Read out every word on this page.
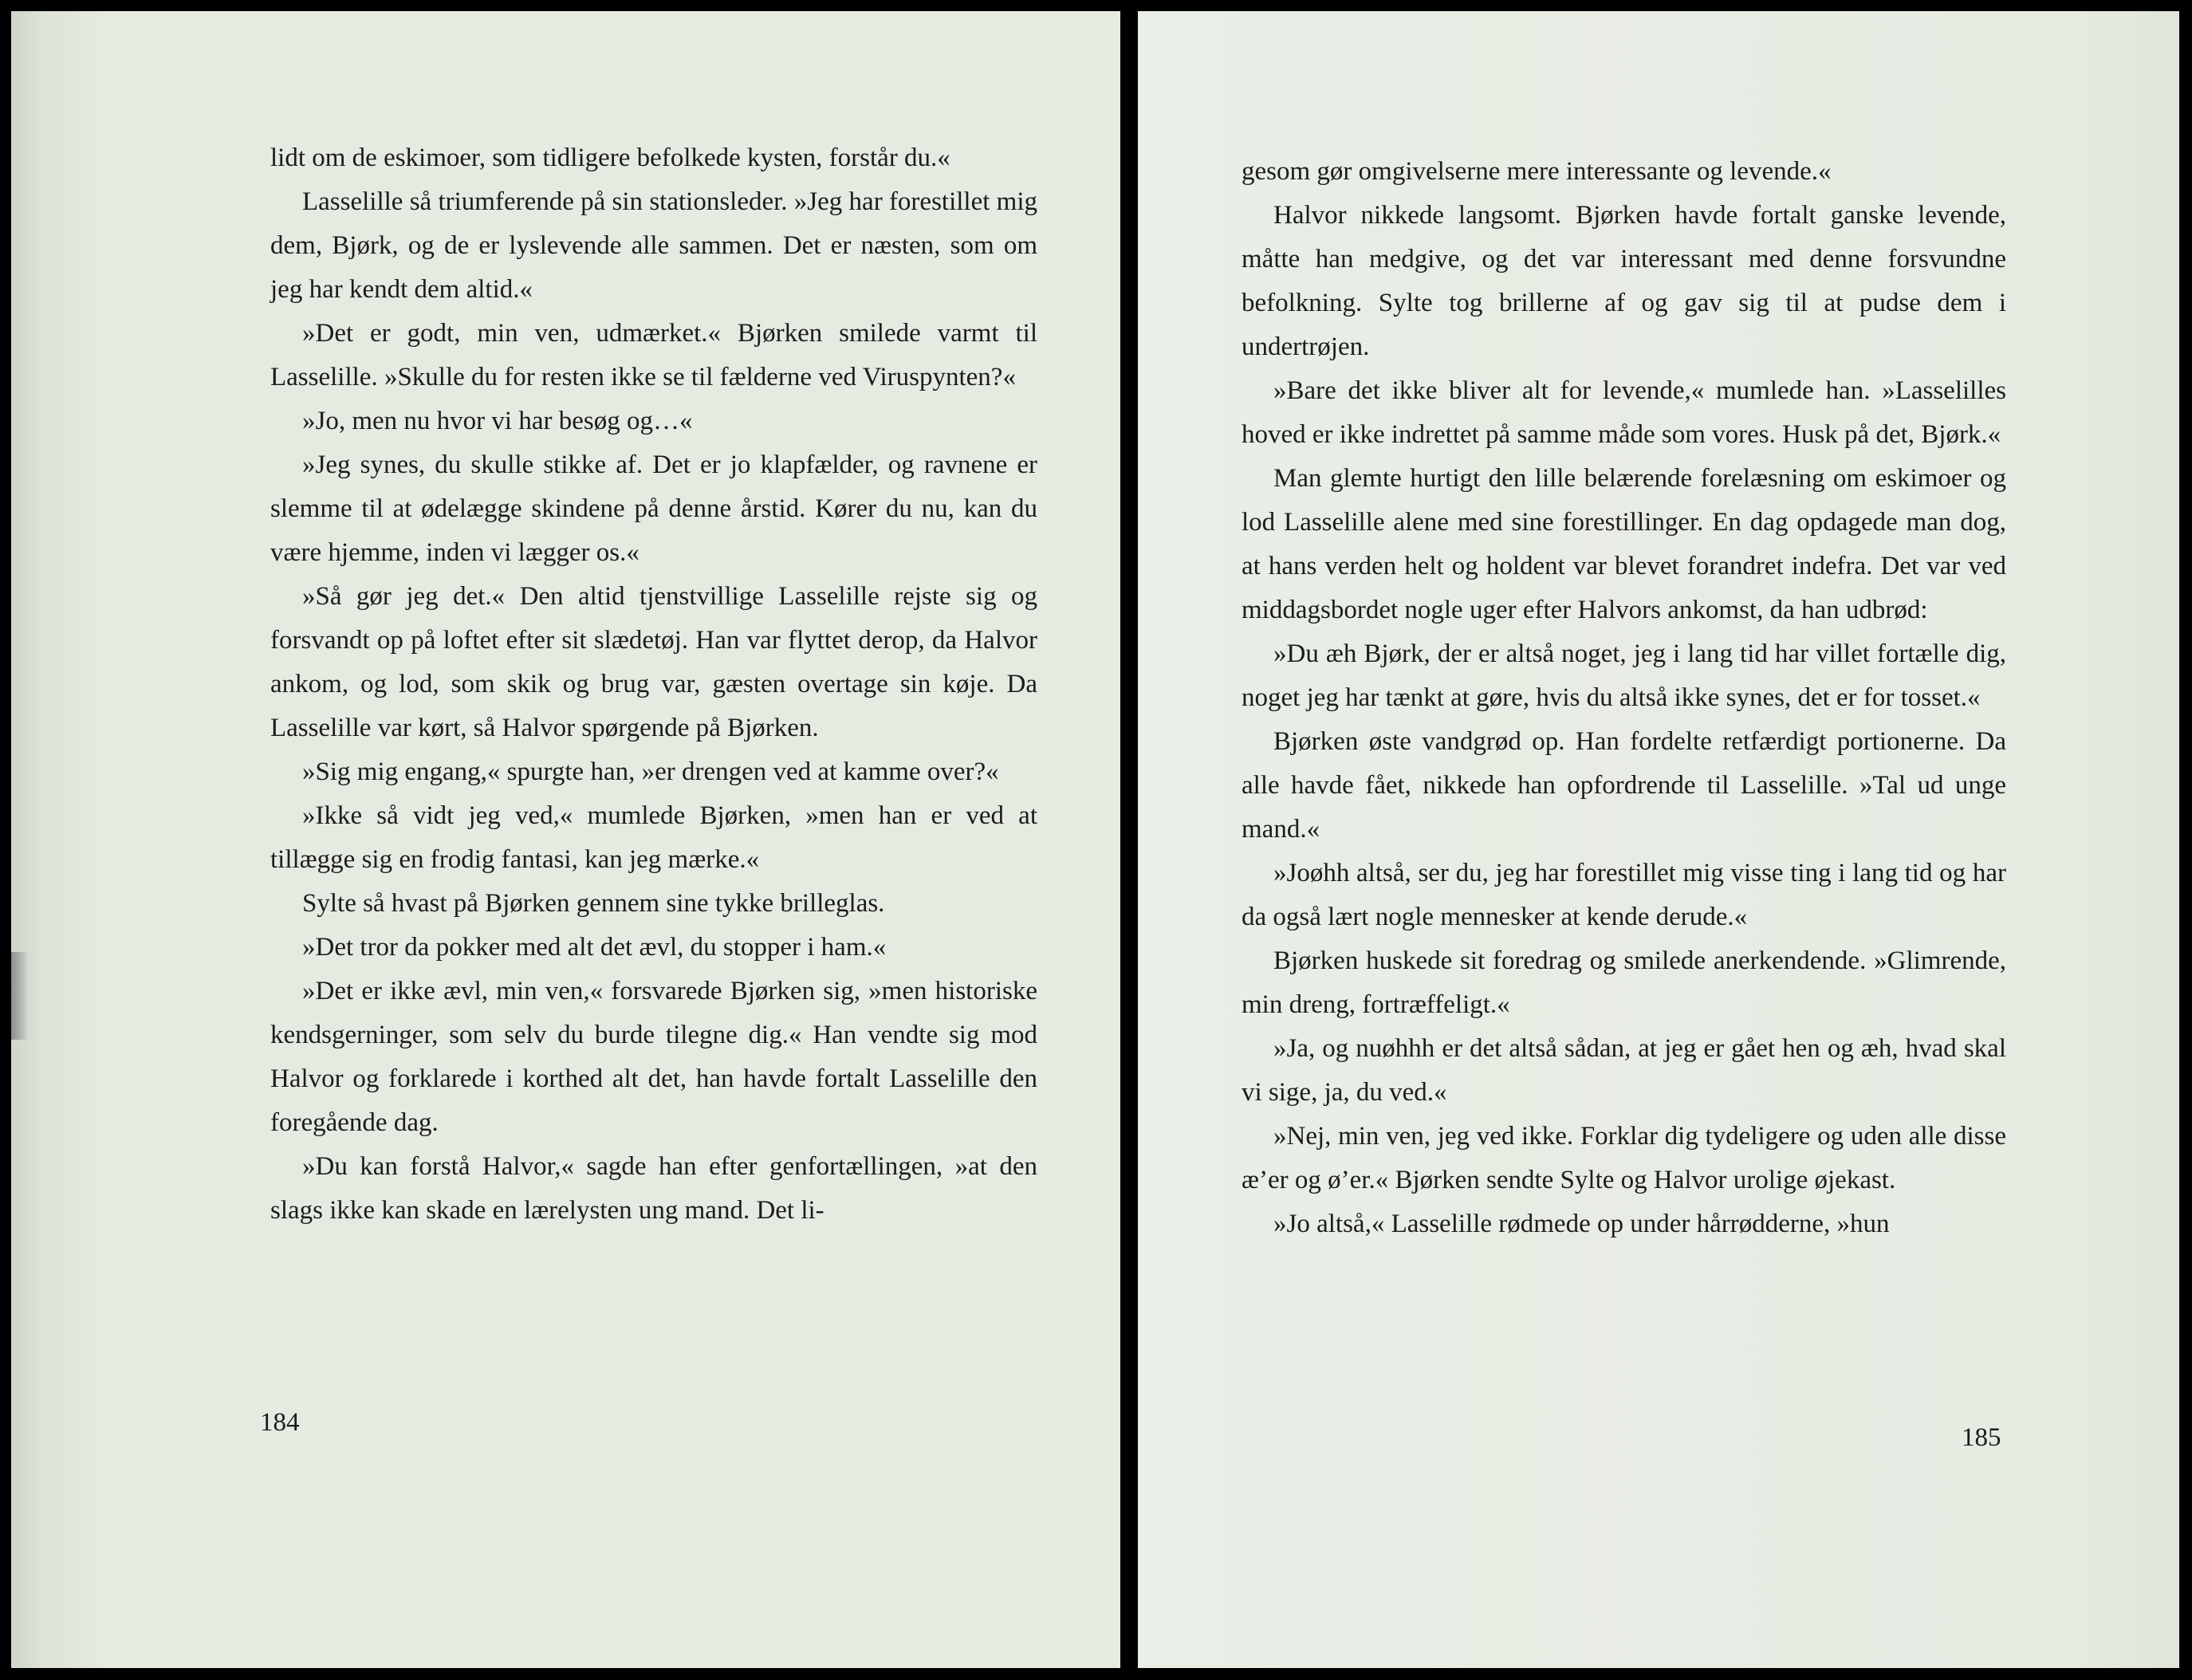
lidt om de eskimoer, som tidligere befolkede kysten, forstår du.«

Lasselille så triumferende på sin stationsleder. »Jeg har forestillet mig dem, Bjørk, og de er lyslevende alle sammen. Det er næsten, som om jeg har kendt dem altid.«

»Det er godt, min ven, udmærket.« Bjørken smilede varmt til Lasselille. »Skulle du for resten ikke se til fælderne ved Viruspynten?«

»Jo, men nu hvor vi har besøg og…«

»Jeg synes, du skulle stikke af. Det er jo klapfælder, og ravnene er slemme til at ødelægge skindene på denne årstid. Kører du nu, kan du være hjemme, inden vi lægger os.«

»Så gør jeg det.« Den altid tjenstvillige Lasselille rejste sig og forsvandt op på loftet efter sit slædetøj. Han var flyttet derop, da Halvor ankom, og lod, som skik og brug var, gæsten overtage sin køje. Da Lasselille var kørt, så Halvor spørgende på Bjørken.

»Sig mig engang,« spurgte han, »er drengen ved at kamme over?«

»Ikke så vidt jeg ved,« mumlede Bjørken, »men han er ved at tillægge sig en frodig fantasi, kan jeg mærke.«

Sylte så hvast på Bjørken gennem sine tykke brilleglas.

»Det tror da pokker med alt det ævl, du stopper i ham.«

»Det er ikke ævl, min ven,« forsvarede Bjørken sig, »men historiske kendsgerninger, som selv du burde tilegne dig.« Han vendte sig mod Halvor og forklarede i korthed alt det, han havde fortalt Lasselille den foregående dag.

»Du kan forstå Halvor,« sagde han efter genfortællingen, »at den slags ikke kan skade en lærelysten ung mand. Det li-

184

gesom gør omgivelserne mere interessante og levende.«

Halvor nikkede langsomt. Bjørken havde fortalt ganske levende, måtte han medgive, og det var interessant med denne forsvundne befolkning. Sylte tog brillerne af og gav sig til at pudse dem i undertrøjen.

»Bare det ikke bliver alt for levende,« mumlede han. »Lasselilles hoved er ikke indrettet på samme måde som vores. Husk på det, Bjørk.«

Man glemte hurtigt den lille belærende forelæsning om eskimoer og lod Lasselille alene med sine forestillinger. En dag opdagede man dog, at hans verden helt og holdent var blevet forandret indefra. Det var ved middagsbordet nogle uger efter Halvors ankomst, da han udbrød:

»Du æh Bjørk, der er altså noget, jeg i lang tid har villet fortælle dig, noget jeg har tænkt at gøre, hvis du altså ikke synes, det er for tosset.«

Bjørken øste vandgrød op. Han fordelte retfærdigt portionerne. Da alle havde fået, nikkede han opfordrende til Lasselille. »Tal ud unge mand.«

»Joøhh altså, ser du, jeg har forestillet mig visse ting i lang tid og har da også lært nogle mennesker at kende derude.«

Bjørken huskede sit foredrag og smilede anerkendende. »Glimrende, min dreng, fortræffeligt.«

»Ja, og nuøhhh er det altså sådan, at jeg er gået hen og æh, hvad skal vi sige, ja, du ved.«

»Nej, min ven, jeg ved ikke. Forklar dig tydeligere og uden alle disse æ’er og ø’er.« Bjørken sendte Sylte og Halvor urolige øjekast.

»Jo altså,« Lasselille rødmede op under hårrødderne, »hun

185
